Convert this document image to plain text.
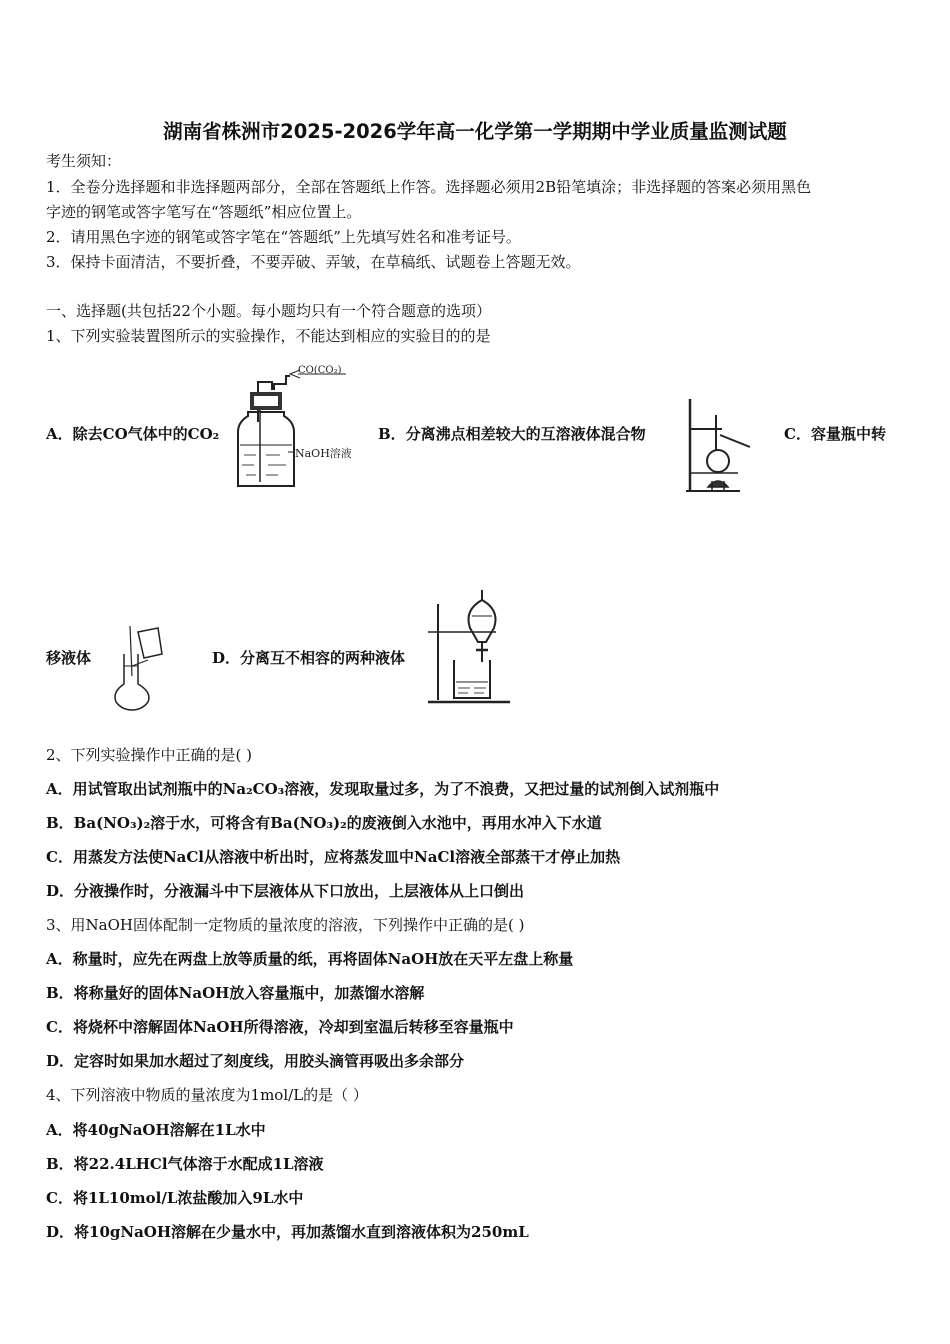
湖南省株洲市2025-2026学年高一化学第一学期期中学业质量监测试题
考生须知：
1．全卷分选择题和非选择题两部分，全部在答题纸上作答。选择题必须用2B铅笔填涂；非选择题的答案必须用黑色
字迹的钢笔或答字笔写在“答题纸”相应位置上。
2．请用黑色字迹的钢笔或答字笔在“答题纸”上先填写姓名和准考证号。
3．保持卡面清洁，不要折叠，不要弄破、弄皱，在草稿纸、试题卷上答题无效。
一、选择题(共包括22个小题。每小题均只有一个符合题意的选项）
1、下列实验装置图所示的实验操作，不能达到相应的实验目的的是
A．除去CO气体中的CO₂
CO(CO₂)
NaOH溶液
B．分离沸点相差较大的互溶液体混合物	C．容量瓶中转
移液体	D．分离互不相容的两种液体
2、下列实验操作中正确的是( )
A．用试管取出试剂瓶中的Na₂CO₃溶液，发现取量过多，为了不浪费，又把过量的试剂倒入试剂瓶中
B．Ba(NO₃)₂溶于水，可将含有Ba(NO₃)₂的废液倒入水池中，再用水冲入下水道
C．用蒸发方法使NaCl从溶液中析出时，应将蒸发皿中NaCl溶液全部蒸干才停止加热
D．分液操作时，分液漏斗中下层液体从下口放出，上层液体从上口倒出
3、用NaOH固体配制一定物质的量浓度的溶液，下列操作中正确的是( )
A．称量时，应先在两盘上放等质量的纸，再将固体NaOH放在天平左盘上称量
B．将称量好的固体NaOH放入容量瓶中，加蒸馏水溶解
C．将烧杯中溶解固体NaOH所得溶液，冷却到室温后转移至容量瓶中
D．定容时如果加水超过了刻度线，用胶头滴管再吸出多余部分
4、下列溶液中物质的量浓度为1mol/L的是（ ）
A．将40gNaOH溶解在1L水中
B．将22.4LHCl气体溶于水配成1L溶液
C．将1L10mol/L浓盐酸加入9L水中
D．将10gNaOH溶解在少量水中，再加蒸馏水直到溶液体积为250mL
